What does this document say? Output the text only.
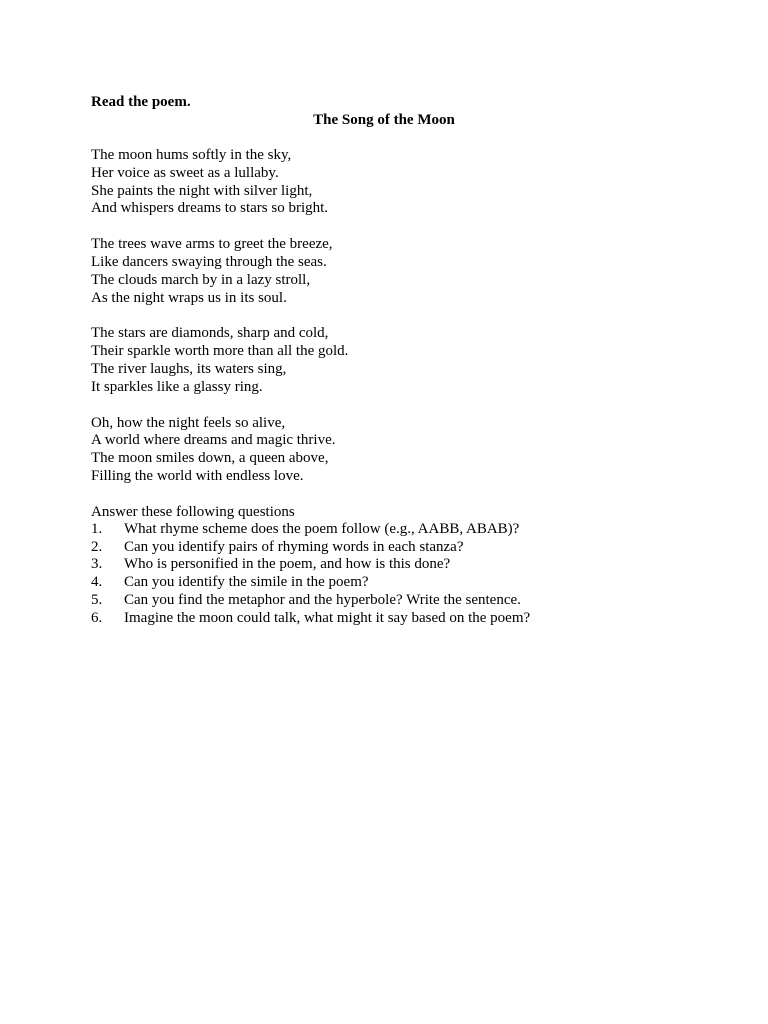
Read the poem.

The Song of the Moon

The moon hums softly in the sky,
Her voice as sweet as a lullaby.
She paints the night with silver light,
And whispers dreams to stars so bright.
The trees wave arms to greet the breeze,
Like dancers swaying through the seas.
The clouds march by in a lazy stroll,
As the night wraps us in its soul.
The stars are diamonds, sharp and cold,
Their sparkle worth more than all the gold.
The river laughs, its waters sing,
It sparkles like a glassy ring.
Oh, how the night feels so alive,
A world where dreams and magic thrive.
The moon smiles down, a queen above,
Filling the world with endless love.
Answer these following questions
1.	What rhyme scheme does the poem follow (e.g., AABB, ABAB)?
2.	Can you identify pairs of rhyming words in each stanza?
3.	Who is personified in the poem, and how is this done?
4.	Can you identify the simile in the poem?
5.	Can you find the metaphor and the hyperbole? Write the sentence.
6.	Imagine the moon could talk, what might it say based on the poem?
